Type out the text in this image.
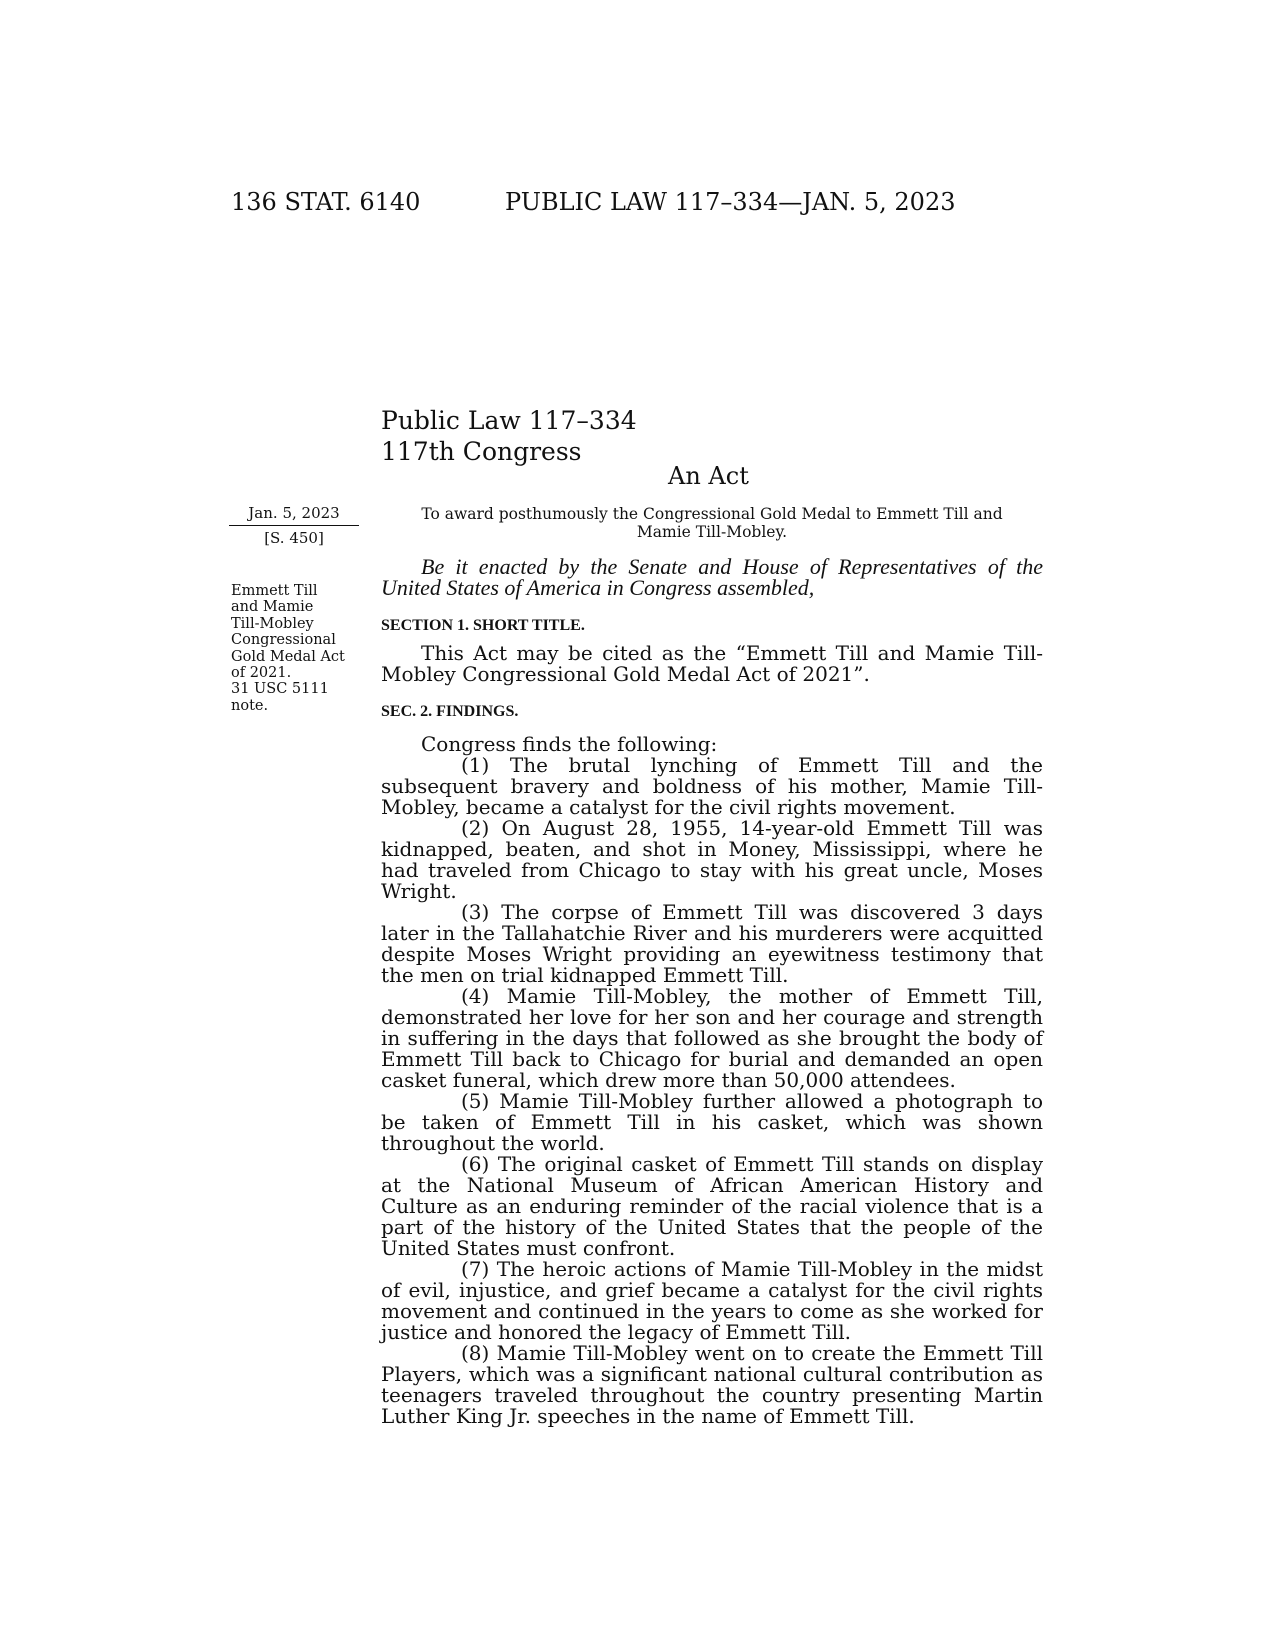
136 STAT. 6140	PUBLIC LAW 117–334—JAN. 5, 2023
Public Law 117–334
117th Congress
An Act
Jan. 5, 2023
[S. 450]
Emmett Till
and Mamie
Till-Mobley
Congressional
Gold Medal Act
of 2021.
31 USC 5111
note.
To award posthumously the Congressional Gold Medal to Emmett Till and Mamie Till-Mobley.
Be it enacted by the Senate and House of Representatives of the United States of America in Congress assembled,
SECTION 1. SHORT TITLE.
This Act may be cited as the “Emmett Till and Mamie Till-Mobley Congressional Gold Medal Act of 2021”.
SEC. 2. FINDINGS.

Congress finds the following:

(1) The brutal lynching of Emmett Till and the subsequent bravery and boldness of his mother, Mamie Till-Mobley, became a catalyst for the civil rights movement.

(2) On August 28, 1955, 14-year-old Emmett Till was kidnapped, beaten, and shot in Money, Mississippi, where he had traveled from Chicago to stay with his great uncle, Moses Wright.

(3) The corpse of Emmett Till was discovered 3 days later in the Tallahatchie River and his murderers were acquitted despite Moses Wright providing an eyewitness testimony that the men on trial kidnapped Emmett Till.

(4) Mamie Till-Mobley, the mother of Emmett Till, demonstrated her love for her son and her courage and strength in suffering in the days that followed as she brought the body of Emmett Till back to Chicago for burial and demanded an open casket funeral, which drew more than 50,000 attendees.

(5) Mamie Till-Mobley further allowed a photograph to be taken of Emmett Till in his casket, which was shown throughout the world.

(6) The original casket of Emmett Till stands on display at the National Museum of African American History and Culture as an enduring reminder of the racial violence that is a part of the history of the United States that the people of the United States must confront.

(7) The heroic actions of Mamie Till-Mobley in the midst of evil, injustice, and grief became a catalyst for the civil rights movement and continued in the years to come as she worked for justice and honored the legacy of Emmett Till.

(8) Mamie Till-Mobley went on to create the Emmett Till Players, which was a significant national cultural contribution as teenagers traveled throughout the country presenting Martin Luther King Jr. speeches in the name of Emmett Till.
